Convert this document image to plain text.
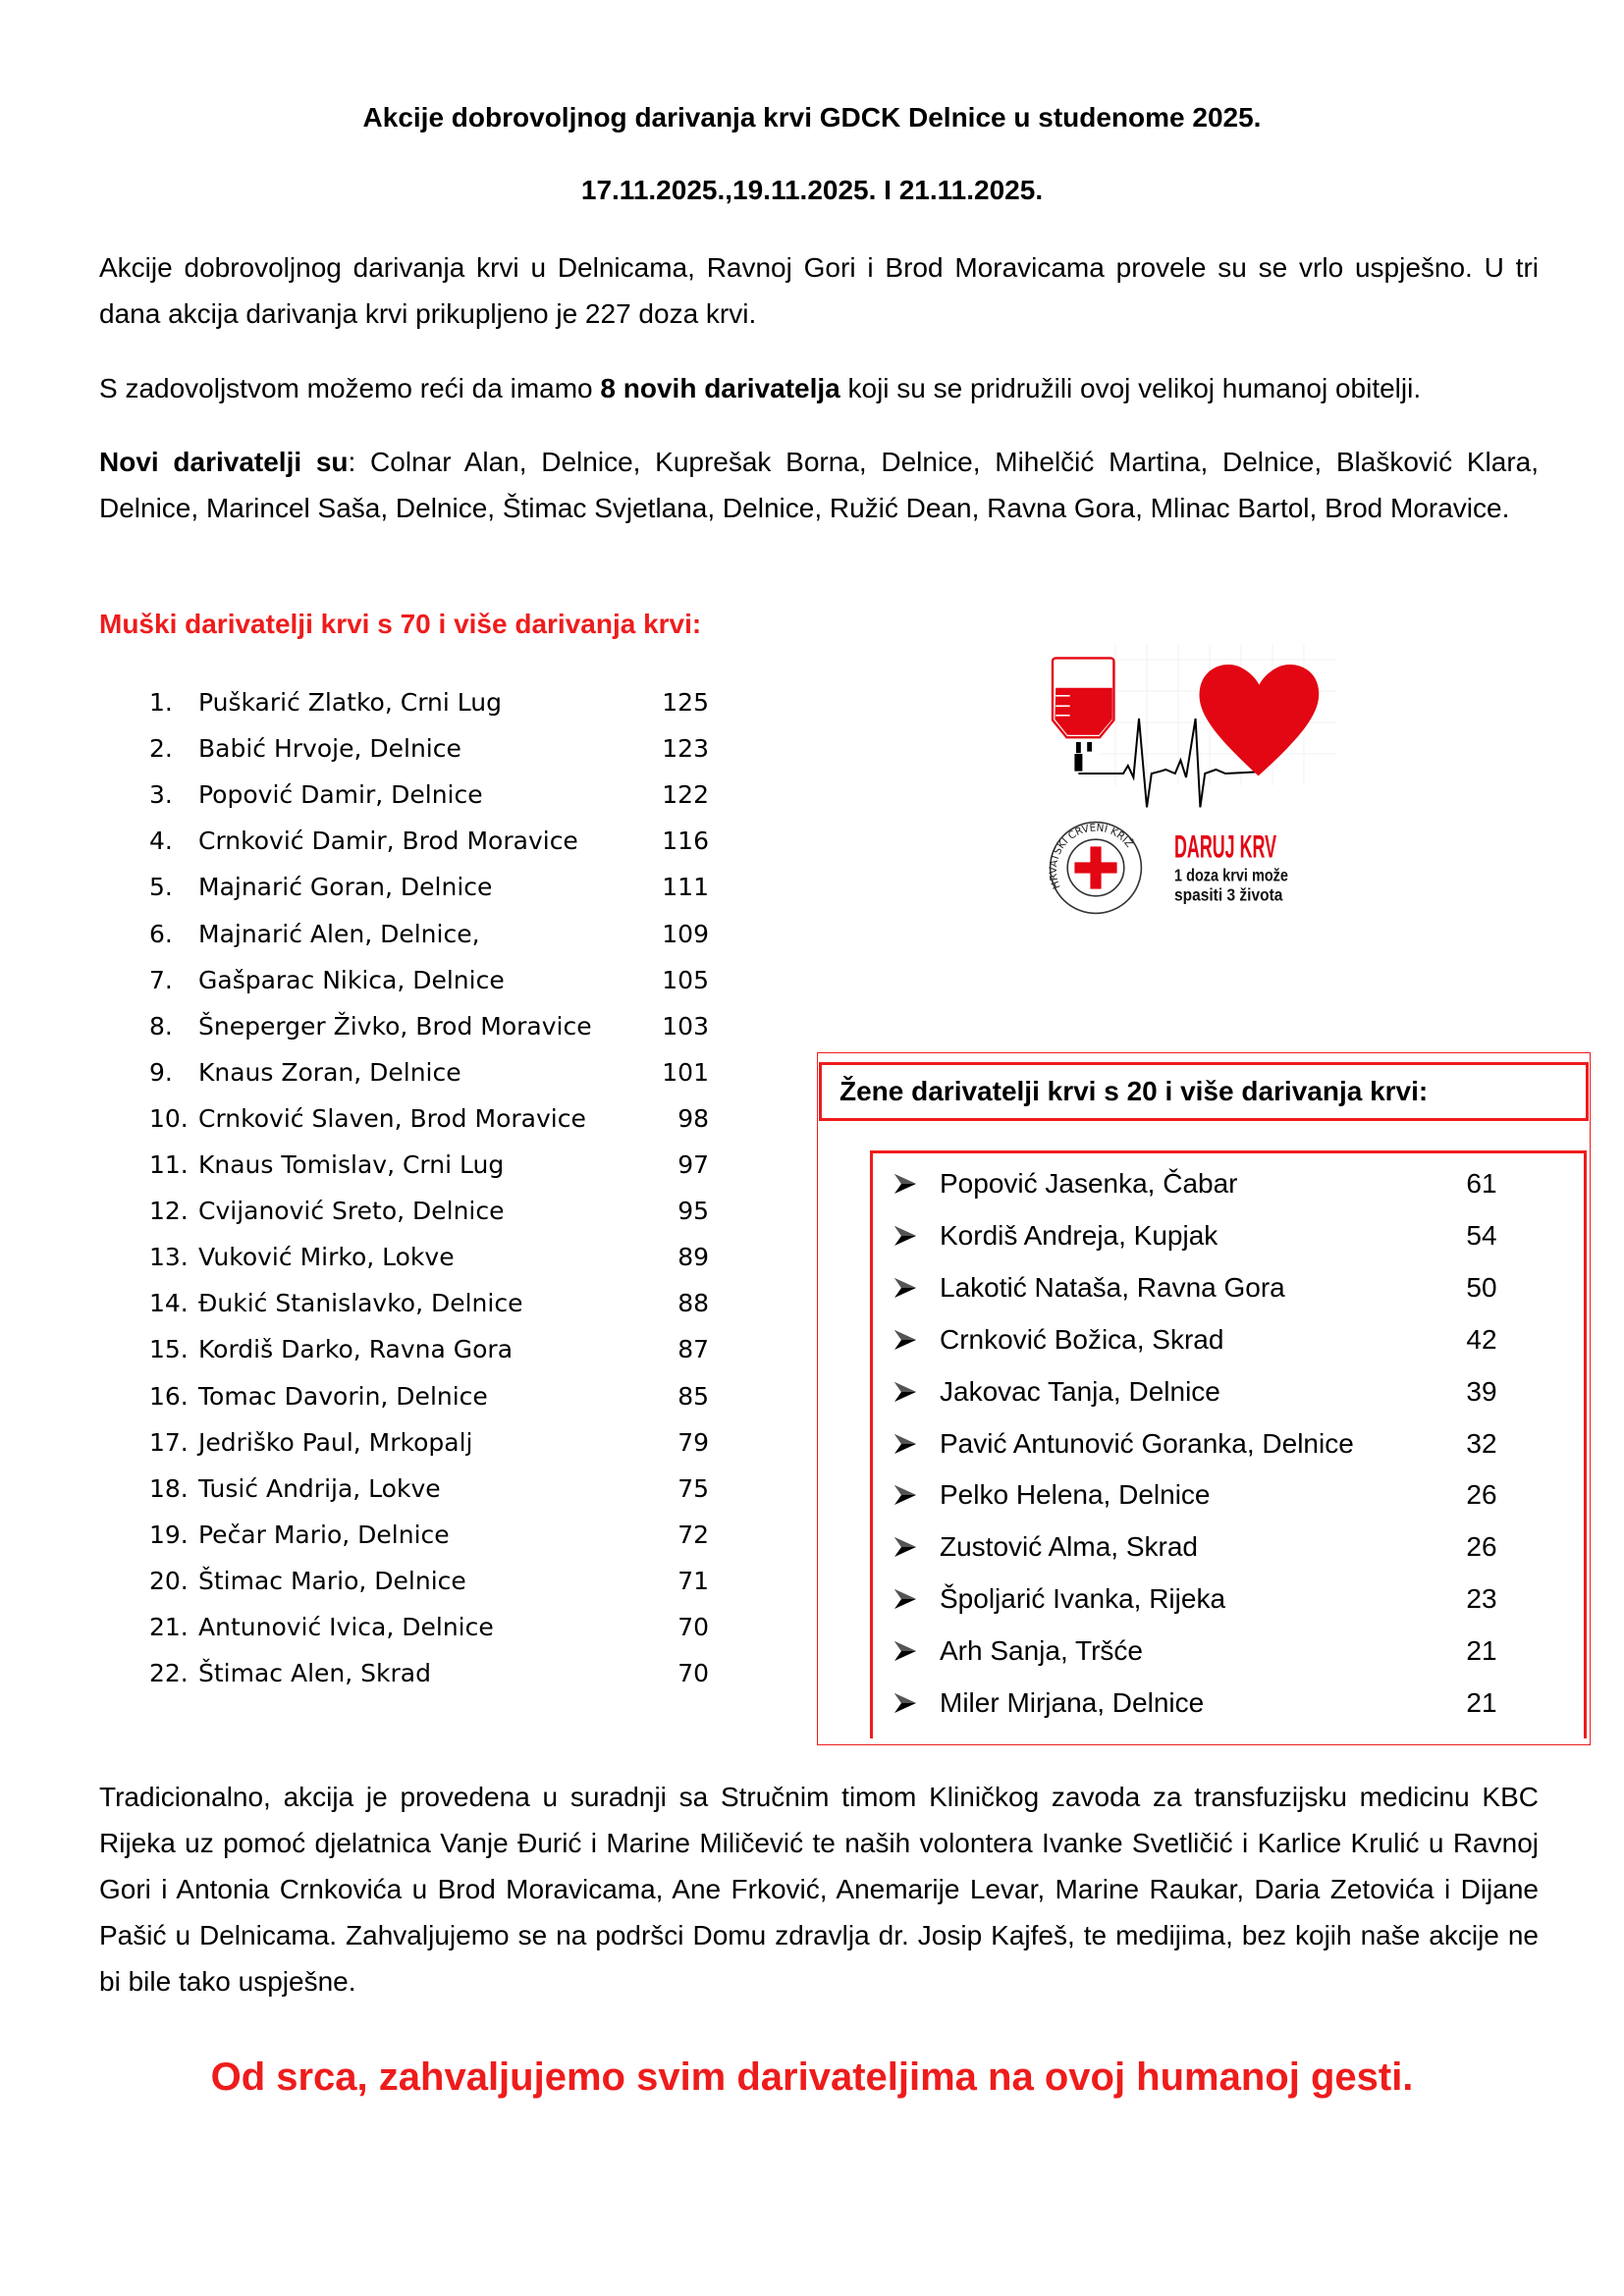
Akcije dobrovoljnog darivanja krvi GDCK Delnice u studenome 2025.
17.11.2025.,19.11.2025. I 21.11.2025.
Akcije dobrovoljnog darivanja krvi u Delnicama, Ravnoj Gori i Brod Moravicama provele su se vrlo uspješno. U tri dana akcija darivanja krvi prikupljeno je 227 doza krvi.
S zadovoljstvom možemo reći da imamo 8 novih darivatelja koji su se pridružili ovoj velikoj humanoj obitelji.
Novi darivatelji su: Colnar Alan, Delnice, Kuprešak Borna, Delnice, Mihelčić Martina, Delnice, Blašković Klara, Delnice, Marincel Saša, Delnice, Štimac Svjetlana, Delnice, Ružić Dean, Ravna Gora, Mlinac Bartol, Brod Moravice.
Muški darivatelji krvi s 70 i više darivanja krvi:
1. Puškarić Zlatko, Crni Lug	125
2. Babić Hrvoje, Delnice	123
3. Popović Damir, Delnice	122
4. Crnković Damir, Brod Moravice	116
5. Majnarić Goran, Delnice	111
6. Majnarić Alen, Delnice,	109
7. Gašparac Nikica, Delnice	105
8. Šneperger Živko, Brod Moravice	103
9. Knaus Zoran, Delnice	101
10. Crnković Slaven, Brod Moravice	98
11. Knaus Tomislav, Crni Lug	97
12. Cvijanović Sreto, Delnice	95
13. Vuković Mirko, Lokve	89
14. Đukić Stanislavko, Delnice	88
15. Kordiš Darko, Ravna Gora	87
16. Tomac Davorin, Delnice	85
17. Jedriško Paul, Mrkopalj	79
18. Tusić Andrija, Lokve	75
19. Pečar Mario, Delnice	72
20. Štimac Mario, Delnice	71
21. Antunović Ivica, Delnice	70
22. Štimac Alen, Skrad	70
HRVATSKI CRVENI KRIŽ DARUJ KRV
1 doza krvi može
spasiti 3 života
Žene darivatelji krvi s 20 i više darivanja krvi:
Popović Jasenka, Čabar	61
Kordiš Andreja, Kupjak	54
Lakotić Nataša, Ravna Gora	50
Crnković Božica, Skrad	42
Jakovac Tanja, Delnice	39
Pavić Antunović Goranka, Delnice	32
Pelko Helena, Delnice	26
Zustović Alma, Skrad	26
Špoljarić Ivanka, Rijeka	23
Arh Sanja, Tršće	21
Miler Mirjana, Delnice	21
Tradicionalno, akcija je provedena u suradnji sa Stručnim timom Kliničkog zavoda za transfuzijsku medicinu KBC Rijeka uz pomoć djelatnica Vanje Đurić i Marine Miličević te naših volontera Ivanke Svetličić i Karlice Krulić u Ravnoj Gori i Antonia Crnkovića u Brod Moravicama, Ane Frković, Anemarije Levar, Marine Raukar, Daria Zetovića i Dijane Pašić u Delnicama. Zahvaljujemo se na podršci Domu zdravlja dr. Josip Kajfeš, te medijima, bez kojih naše akcije ne bi bile tako uspješne.
Od srca, zahvaljujemo svim darivateljima na ovoj humanoj gesti.
